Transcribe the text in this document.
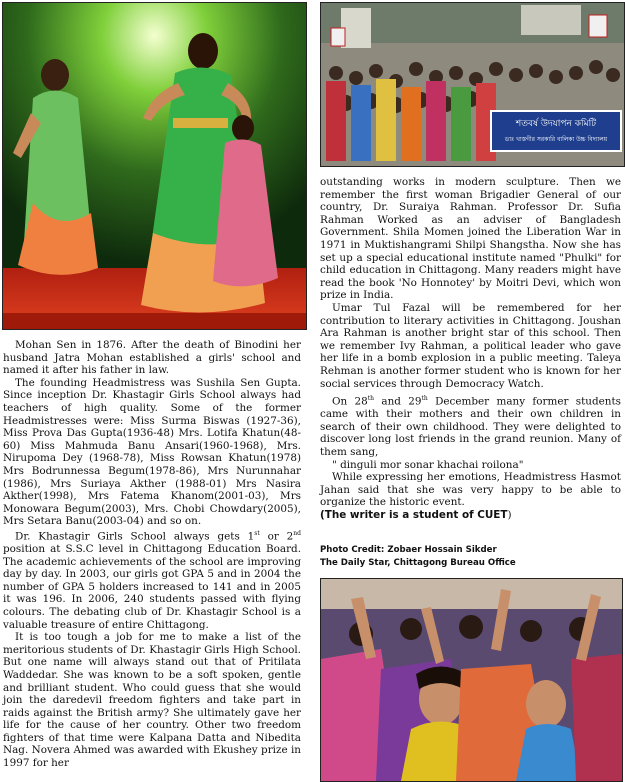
শতবর্ষ উদযাপন কমিটি
ডাঃ খাস্তগীর সরকারি বালিকা উচ্চ বিদ্যালয়

Mohan Sen in 1876. After the death of Binodini her husband Jatra Mohan established a girls' school and named it after his father in law.

The founding Headmistress was Sushila Sen Gupta. Since inception Dr. Khastagir Girls School always had teachers of high quality. Some of the former Headmistresses were: Miss Surma Biswas (1927-36), Miss Prova Das Gupta(1936-48) Mrs. Lotifa Khatun(48-60) Miss Mahmuda Banu Ansari(1960-1968), Mrs. Nirupoma Dey (1968-78), Miss Rowsan Khatun(1978) Mrs Bodrunnessa Begum(1978-86), Mrs Nurunnahar (1986), Mrs Suriaya Akther (1988-01) Mrs Nasira Akther(1998), Mrs Fatema Khanom(2001-03), Mrs Monowara Begum(2003), Mrs. Chobi Chowdary(2005), Mrs Setara Banu(2003-04) and so on.

Dr. Khastagir Girls School always gets 1st or 2nd position at S.S.C level in Chittagong Education Board. The academic achievements of the school are improving day by day. In 2003, our girls got GPA 5 and in 2004 the number of GPA 5 holders increased to 141 and in 2005 it was 196. In 2006, 240 students passed with flying colours. The debating club of Dr. Khastagir School is a valuable treasure of entire Chittagong.

It is too tough a job for me to make a list of the meritorious students of Dr. Khastagir Girls High School. But one name will always stand out that of Pritilata Waddedar. She was known to be a soft spoken, gentle and brilliant student. Who could guess that she would join the daredevil freedom fighters and take part in raids against the British army? She ultimately gave her life for the cause of her country. Other two freedom fighters of that time were Kalpana Datta and Nibedita Nag. Novera Ahmed was awarded with Ekushey prize in 1997 for her

outstanding works in modern sculpture. Then we remember the first woman Brigadier General of our country, Dr. Suraiya Rahman. Professor Dr. Sufia Rahman Worked as an adviser of Bangladesh Government. Shila Momen joined the Liberation War in 1971 in Muktishangrami Shilpi Shangstha. Now she has set up a special educational institute named "Phulki" for child education in Chittagong. Many readers might have read the book 'No Honnotey' by Moitri Devi, which won prize in India.

Umar Tul Fazal will be remembered for her contribution to literary activities in Chittagong. Joushan Ara Rahman is another bright star of this school. Then we remember Ivy Rahman, a political leader who gave her life in a bomb explosion in a public meeting. Taleya Rehman is another former student who is known for her social services through Democracy Watch.

On 28th and 29th December many former students came with their mothers and their own children in search of their own childhood. They were delighted to discover long lost friends in the grand reunion. Many of them sang,

" dinguli mor sonar khachai roilona"

While expressing her emotions, Headmistress Hasmot Jahan said that she was very happy to be able to organize the historic event.

(The writer is a student of CUET)

Photo Credit: Zobaer Hossain Sikder
The Daily Star, Chittagong Bureau Office
